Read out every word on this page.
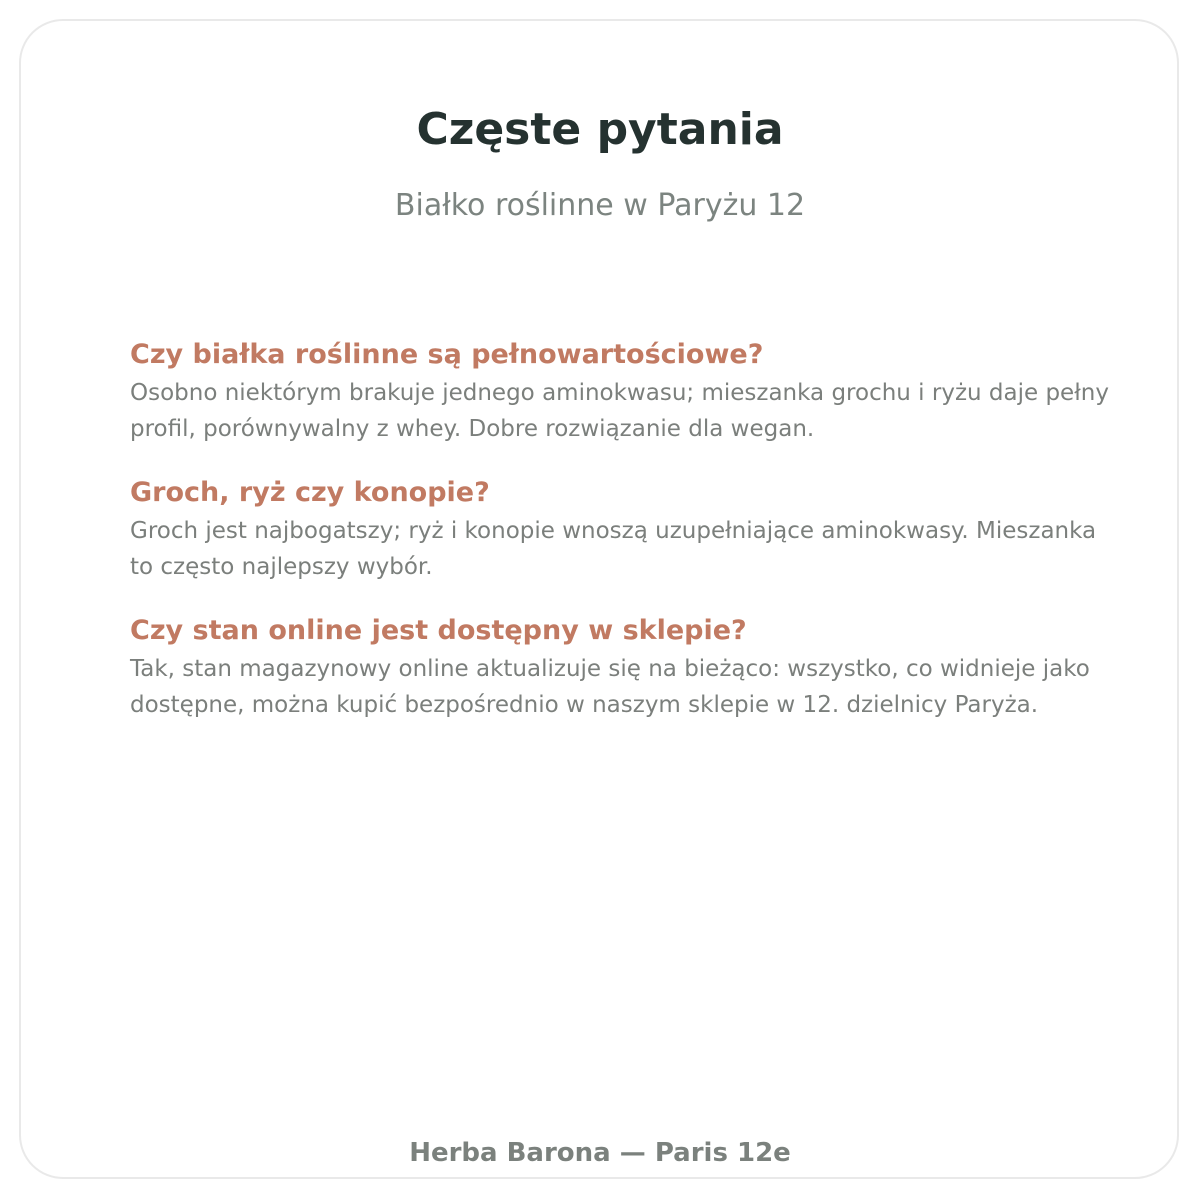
Częste pytania

Białko roślinne w Paryżu 12

Czy białka roślinne są pełnowartościowe?

Osobno niektórym brakuje jednego aminokwasu; mieszanka grochu i ryżu daje pełny profil, porównywalny z whey. Dobre rozwiązanie dla wegan.

Groch, ryż czy konopie?

Groch jest najbogatszy; ryż i konopie wnoszą uzupełniające aminokwasy. Mieszanka to często najlepszy wybór.

Czy stan online jest dostępny w sklepie?

Tak, stan magazynowy online aktualizuje się na bieżąco: wszystko, co widnieje jako dostępne, można kupić bezpośrednio w naszym sklepie w 12. dzielnicy Paryża.

Herba Barona — Paris 12e
